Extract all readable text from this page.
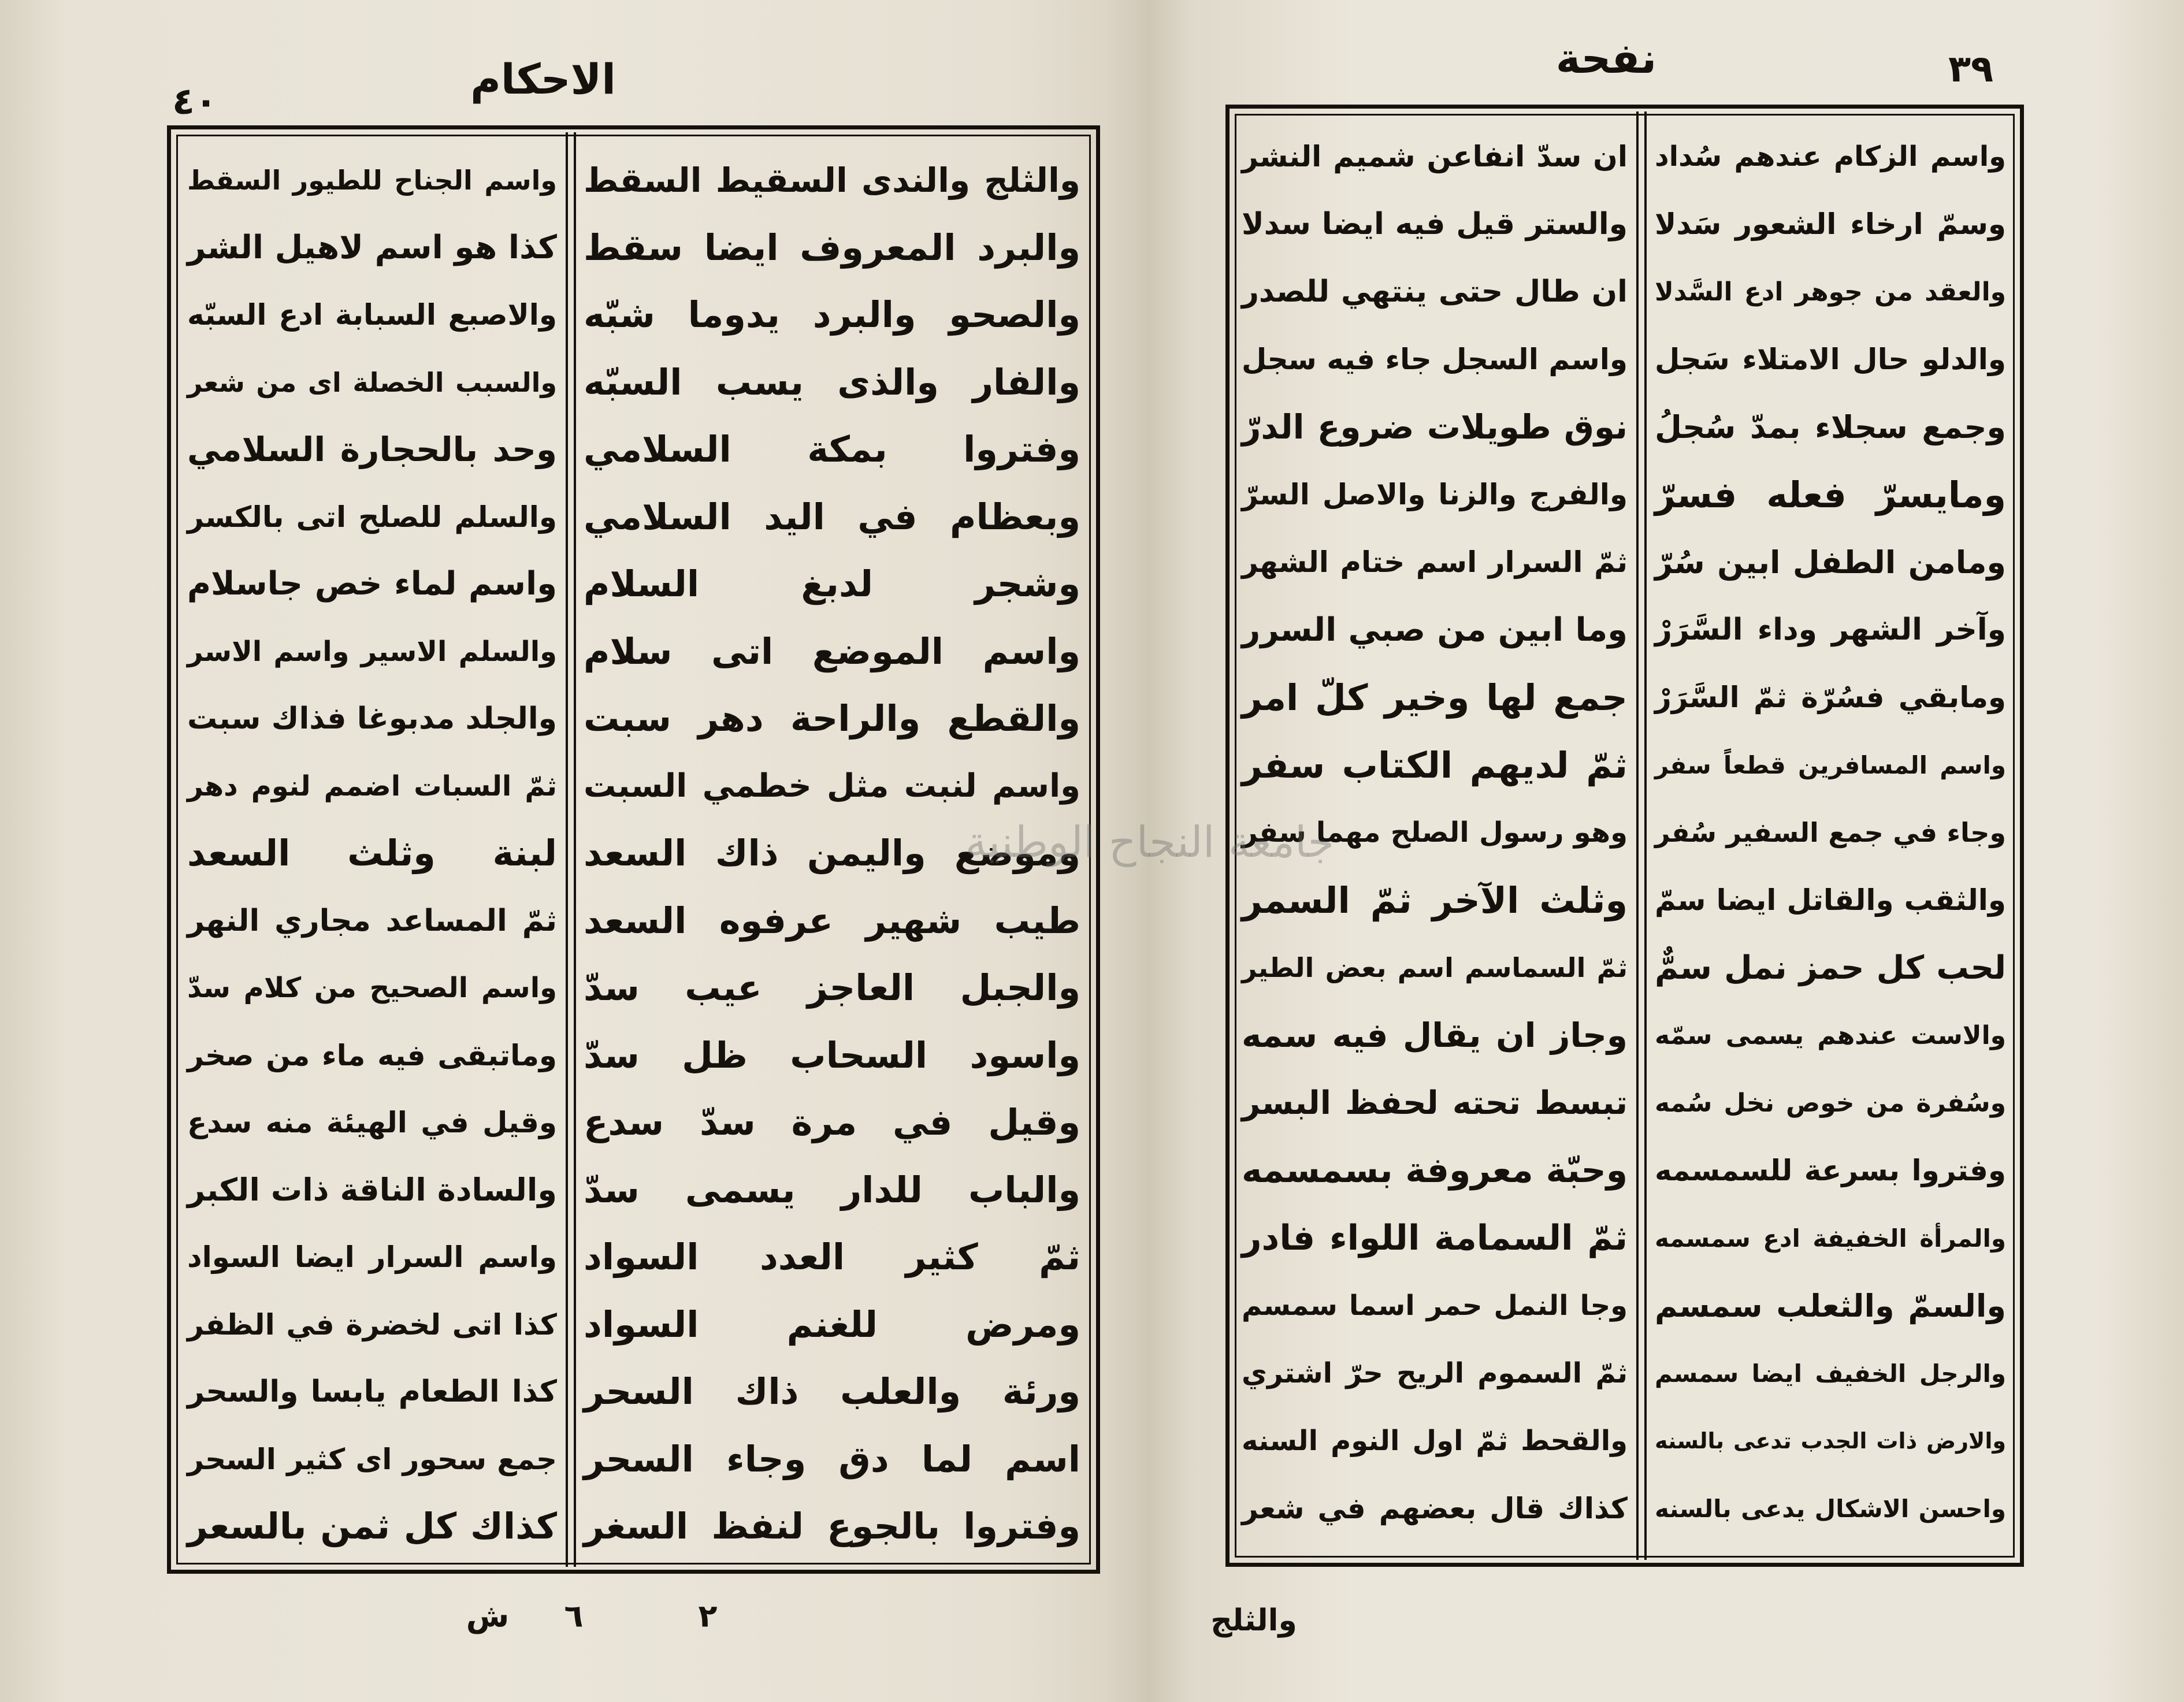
٤٠	الاحكام
والثلج والندى السقيط السقط
والبرد المعروف ايضا سقط
والصحو والبرد يدوما شبّه
والفار والذى يسب السبّه
وفتروا بمكة السلامي
وبعظام في اليد السلامي
وشجر لدبغ السلام
واسم الموضع اتى سلام
والقطع والراحة دهر سبت
واسم لنبت مثل خطمي السبت
وموضع واليمن ذاك السعد
طيب شهير عرفوه السعد
والجبل العاجز عيب سدّ
واسود السحاب ظل سدّ
وقيل في مرة سدّ سدع
والباب للدار يسمى سدّ
ثمّ كثير العدد السواد
ومرض للغنم السواد
ورئة والعلب ذاك السحر
اسم لما دق وجاء السحر
وفتروا بالجوع لنفظ السغر
واسم الجناح للطيور السقط
كذا هو اسم لاهيل الشر
والاصبع السبابة ادع السبّه
والسبب الخصلة اى من شعر
وحد بالحجارة السلامي
والسلم للصلح اتى بالكسر
واسم لماء خص جاسلام
والسلم الاسير واسم الاسر
والجلد مدبوغا فذاك سبت
ثمّ السبات اضمم لنوم دهر
لبنة وثلث السعد
ثمّ المساعد مجاري النهر
واسم الصحيح من كلام سدّ
وماتبقى فيه ماء من صخر
وقيل في الهيئة منه سدع
والسادة الناقة ذات الكبر
واسم السرار ايضا السواد
كذا اتى لخضرة في الظفر
كذا الطعام يابسا والسحر
جمع سحور اى كثير السحر
كذاك كل ثمن بالسعر
ش ٦	٢
نفحة	٣٩
واسم الزكام عندهم سُداد
وسمّ ارخاء الشعور سَدلا
والعقد من جوهر ادع السَّدلا
والدلو حال الامتلاء سَجل
وجمع سجلاء بمدّ سُجلُ
ومايسرّ فعله فسرّ
ومامن الطفل ابين سُرّ
وآخر الشهر وداء السَّرَرْ
ومابقي فسُرّة ثمّ السَّرَرْ
واسم المسافرين قطعاً سفر
وجاء في جمع السفير سُفر
والثقب والقاتل ايضا سمّ
لحب كل حمز نمل سمٌّ
والاست عندهم يسمى سمّه
وسُفرة من خوص نخل سُمه
وفتروا بسرعة للسمسمه
والمرأة الخفيفة ادع سمسمه
والسمّ والثعلب سمسم
والرجل الخفيف ايضا سمسم
والارض ذات الجدب تدعى بالسنه
واحسن الاشكال يدعى بالسنه
ان سدّ انفاعن شميم النشر
والستر قيل فيه ايضا سدلا
ان طال حتى ينتهي للصدر
واسم السجل جاء فيه سجل
نوق طويلات ضروع الدرّ
والفرج والزنا والاصل السرّ
ثمّ السرار اسم ختام الشهر
وما ابين من صبي السرر
جمع لها وخير كلّ امر
ثمّ لديهم الكتاب سفر
وهو رسول الصلح مهما سفر
وثلث الآخر ثمّ السمر
ثمّ السماسم اسم بعض الطير
وجاز ان يقال فيه سمه
تبسط تحته لحفظ البسر
وحبّة معروفة بسمسمه
ثمّ السمامة اللواء فادر
وجا النمل حمر اسما سمسم
ثمّ السموم الريح حرّ اشتري
والقحط ثمّ اول النوم السنه
كذاك قال بعضهم في شعر
والثلج
جامعة النجاح الوطنية
